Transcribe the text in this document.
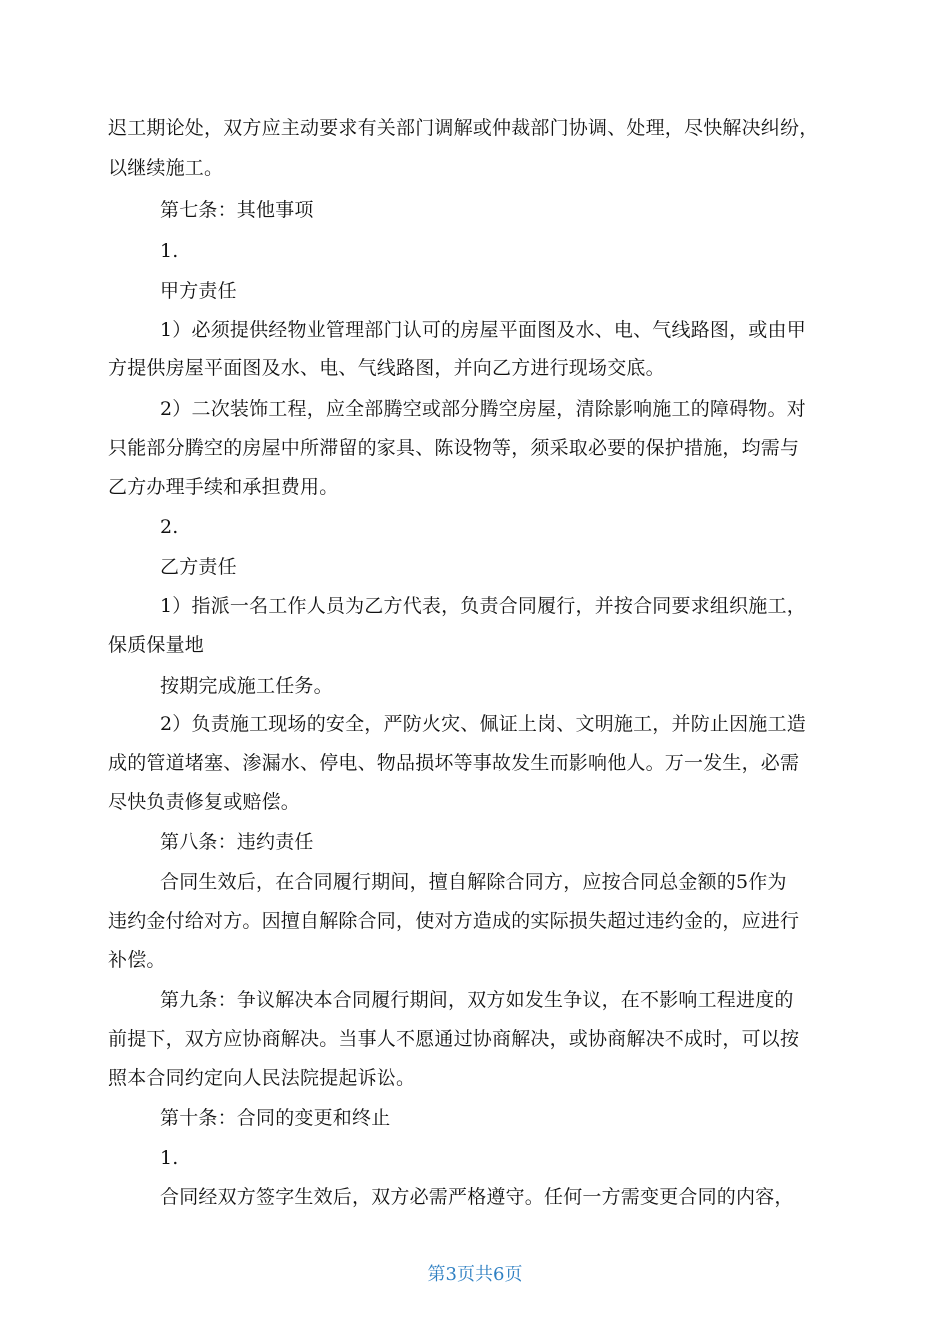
迟工期论处，双方应主动要求有关部门调解或仲裁部门协调、处理，尽快解决纠纷，
以继续施工。
第七条：其他事项
1.
甲方责任
1）必须提供经物业管理部门认可的房屋平面图及水、电、气线路图，或由甲
方提供房屋平面图及水、电、气线路图，并向乙方进行现场交底。
2）二次装饰工程，应全部腾空或部分腾空房屋，清除影响施工的障碍物。对
只能部分腾空的房屋中所滞留的家具、陈设物等，须采取必要的保护措施，均需与
乙方办理手续和承担费用。
2.
乙方责任
1）指派一名工作人员为乙方代表，负责合同履行，并按合同要求组织施工，
保质保量地
按期完成施工任务。
2）负责施工现场的安全，严防火灾、佩证上岗、文明施工，并防止因施工造
成的管道堵塞、渗漏水、停电、物品损坏等事故发生而影响他人。万一发生，必需
尽快负责修复或赔偿。
第八条：违约责任
合同生效后，在合同履行期间，擅自解除合同方，应按合同总金额的5作为
违约金付给对方。因擅自解除合同，使对方造成的实际损失超过违约金的，应进行
补偿。
第九条：争议解决本合同履行期间，双方如发生争议，在不影响工程进度的
前提下，双方应协商解决。当事人不愿通过协商解决，或协商解决不成时，可以按
照本合同约定向人民法院提起诉讼。
第十条：合同的变更和终止
1.
合同经双方签字生效后，双方必需严格遵守。任何一方需变更合同的内容，
第3页共6页
